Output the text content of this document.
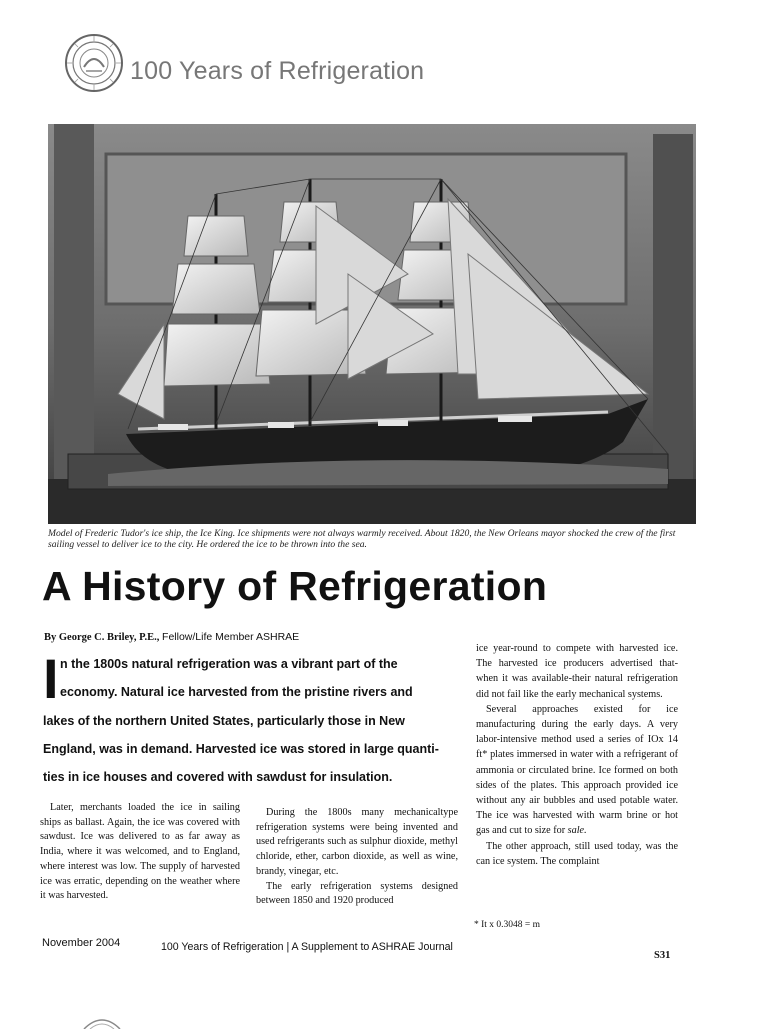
100 Years of Refrigeration
Model of Frederic Tudor's ice ship, the Ice King. Ice shipments were not always warmly received. About 1820, the New Orleans mayor shocked the crew of the first sailing vessel to deliver ice to the city. He ordered the ice to be thrown into the sea.
A History of Refrigeration
By George C. Briley, P.E., Fellow/Life Member ASHRAE
I n the 1800s natural refrigeration was a vibrant part of the
economy. Natural ice harvested from the pristine rivers and
lakes of the northern United States, particularly those in New
England, was in demand. Harvested ice was stored in large quanti-
ties in ice houses and covered with sawdust for insulation.

Later, merchants loaded the ice in sailing ships as ballast. Again, the ice was covered with sawdust. Ice was delivered to as far away as India, where it was welcomed, and to England, where interest was low. The supply of harvested ice was erratic, depending on the weather where it was harvested.

During the 1800s many mechanicaltype refrigeration systems were being invented and used refrigerants such as sulphur dioxide, methyl chloride, ether, carbon dioxide, as well as wine, brandy, vinegar, etc.

The early refrigeration systems designed between 1850 and 1920 produced

ice year-round to compete with harvested ice. The harvested ice producers advertised that-when it was available-their natural refrigeration did not fail like the early mechanical systems.

Several approaches existed for ice manufacturing during the early days. A very labor-intensive method used a series of IOx 14 ft* plates immersed in water with a refrigerant of ammonia or circulated brine. Ice formed on both sides of the plates. This approach provided ice without any air bubbles and used potable water. The ice was harvested with warm brine or hot gas and cut to size for sale.

The other approach, still used today, was the can ice system. The complaint

* It x 0.3048 = m
November 2004	100 Years of Refrigeration | A Supplement to ASHRAE Journal
S31
